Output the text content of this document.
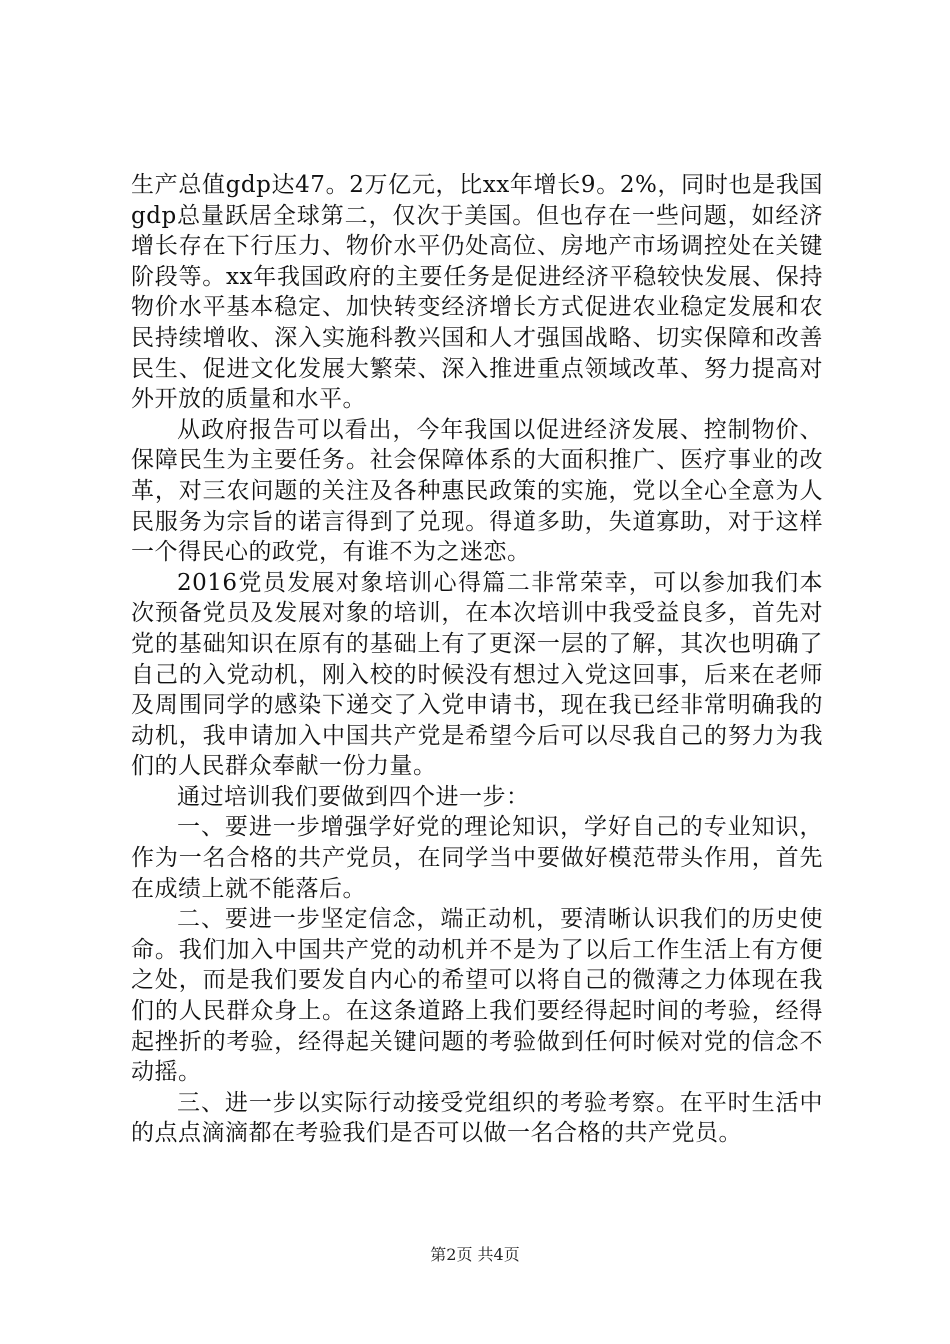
生产总值gdp达47。2万亿元，比xx年增长9。2%，同时也是我国gdp总量跃居全球第二，仅次于美国。但也存在一些问题，如经济增长存在下行压力、物价水平仍处高位、房地产市场调控处在关键阶段等。xx年我国政府的主要任务是促进经济平稳较快发展、保持物价水平基本稳定、加快转变经济增长方式促进农业稳定发展和农民持续增收、深入实施科教兴国和人才强国战略、切实保障和改善民生、促进文化发展大繁荣、深入推进重点领域改革、努力提高对外开放的质量和水平。

从政府报告可以看出，今年我国以促进经济发展、控制物价、保障民生为主要任务。社会保障体系的大面积推广、医疗事业的改革，对三农问题的关注及各种惠民政策的实施，党以全心全意为人民服务为宗旨的诺言得到了兑现。得道多助，失道寡助，对于这样一个得民心的政党，有谁不为之迷恋。

2016党员发展对象培训心得篇二非常荣幸，可以参加我们本次预备党员及发展对象的培训，在本次培训中我受益良多，首先对党的基础知识在原有的基础上有了更深一层的了解，其次也明确了自己的入党动机，刚入校的时候没有想过入党这回事，后来在老师及周围同学的感染下递交了入党申请书，现在我已经非常明确我的动机，我申请加入中国共产党是希望今后可以尽我自己的努力为我们的人民群众奉献一份力量。

通过培训我们要做到四个进一步：

一、要进一步增强学好党的理论知识，学好自己的专业知识，作为一名合格的共产党员，在同学当中要做好模范带头作用，首先在成绩上就不能落后。

二、要进一步坚定信念，端正动机，要清晰认识我们的历史使命。我们加入中国共产党的动机并不是为了以后工作生活上有方便之处，而是我们要发自内心的希望可以将自己的微薄之力体现在我们的人民群众身上。在这条道路上我们要经得起时间的考验，经得起挫折的考验，经得起关键问题的考验做到任何时候对党的信念不动摇。

三、进一步以实际行动接受党组织的考验考察。在平时生活中的点点滴滴都在考验我们是否可以做一名合格的共产党员。

第2页 共4页
